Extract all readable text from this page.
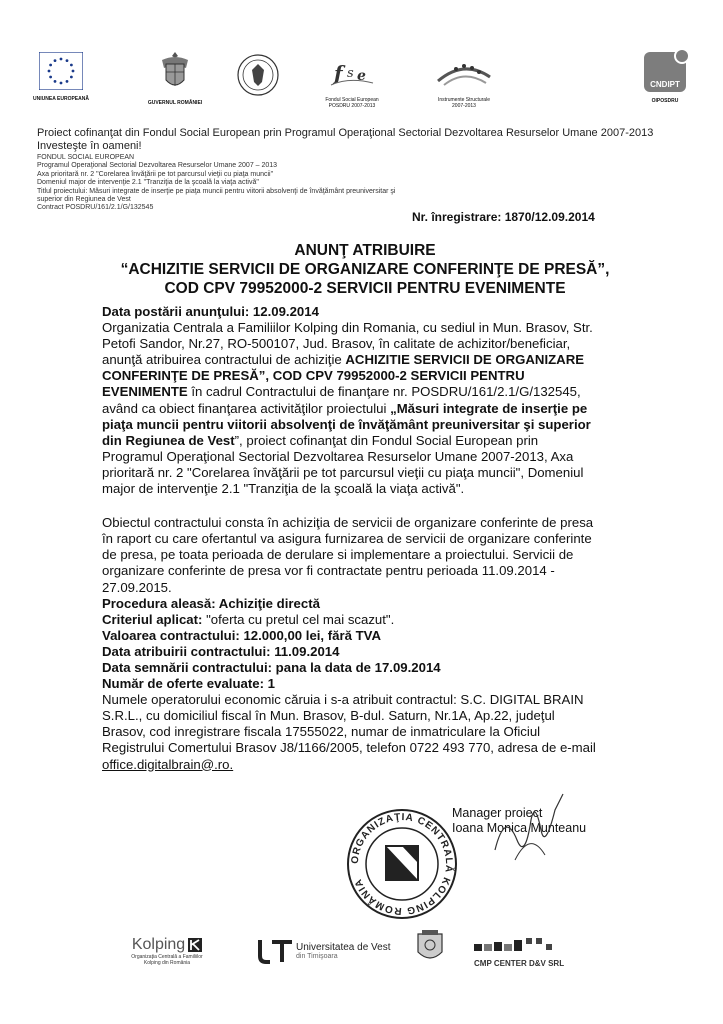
UNIUNEA EUROPEANĂ
GUVERNUL ROMÂNIEI
f s e
Fondul Social European
POSDRU 2007-2013
Instrumente Structurale
2007-2013
CNDIPT
OIPOSDRU
Proiect cofinanţat din Fondul Social European prin Programul Operaţional Sectorial Dezvoltarea Resurselor Umane 2007-2013
Investeşte în oameni!
FONDUL SOCIAL EUROPEAN
Programul Operaţional Sectorial Dezvoltarea Resurselor Umane 2007 – 2013
Axa prioritară nr. 2 "Corelarea învăţării pe tot parcursul vieţii cu piaţa muncii"
Domeniul major de intervenţie 2.1 "Tranziţia de la şcoală la viaţa activă"
Titlul proiectului: Măsuri integrate de inserţie pe piaţa muncii pentru viitorii absolvenţi de învăţământ preuniversitar şi
superior din Regiunea de Vest
Contract POSDRU/161/2.1/G/132545
Nr. înregistrare: 1870/12.09.2014
ANUNŢ ATRIBUIRE
“ACHIZITIE SERVICII DE ORGANIZARE CONFERINŢE DE PRESĂ”,
COD CPV 79952000-2 SERVICII PENTRU EVENIMENTE

Data postării anunţului: 12.09.2014

Organizatia Centrala a Familiilor Kolping din Romania, cu sediul in Mun. Brasov, Str.

Petofi Sandor, Nr.27, RO-500107, Jud. Brasov, în calitate de achizitor/beneficiar,

anunţă atribuirea contractului de achiziţie ACHIZITIE SERVICII DE ORGANIZARE

CONFERINŢE DE PRESĂ”, COD CPV 79952000-2 SERVICII PENTRU

EVENIMENTE în cadrul Contractului de finanţare nr. POSDRU/161/2.1/G/132545,

având ca obiect finanţarea activităţilor proiectului „Măsuri integrate de inserţie pe

piaţa muncii pentru viitorii absolvenţi de învăţământ preuniversitar şi superior

din Regiunea de Vest”, proiect cofinanţat din Fondul Social European prin

Programul Operaţional Sectorial Dezvoltarea Resurselor Umane 2007-2013, Axa

prioritară nr. 2 "Corelarea învăţării pe tot parcursul vieţii cu piaţa muncii", Domeniul

major de intervenţie 2.1 "Tranziţia de la şcoală la viaţa activă".

Obiectul contractului consta în achiziţia de servicii de organizare conferinte de presa

în raport cu care ofertantul va asigura furnizarea de servicii de organizare conferinte

de presa, pe toata perioada de derulare si implementare a proiectului. Servicii de

organizare conferinte de presa vor fi contractate pentru perioada 11.09.2014 -

27.09.2015.

Procedura aleasă: Achiziţie directă

Criteriul aplicat: "oferta cu pretul cel mai scazut".

Valoarea contractului: 12.000,00 lei, fără TVA

Data atribuirii contractului: 11.09.2014

Data semnării contractului: pana la data de 17.09.2014

Număr de oferte evaluate: 1

Numele operatorului economic căruia i s-a atribuit contractul: S.C. DIGITAL BRAIN

S.R.L., cu domiciliul fiscal în Mun. Brasov, B-dul. Saturn, Nr.1A, Ap.22, judeţul

Brasov, cod inregistrare fiscala 17555022, numar de inmatriculare la Oficiul

Registrului Comertului Brasov J8/1166/2005, telefon 0722 493 770, adresa de e-mail

office.digitalbrain@.ro.

Manager proiect
Ioana Monica Munteanu
ORGANIZAŢIA CENTRALĂ KOLPING ROMÂNIA
Kolping
Organizaţia Centrală a Familiilor
Kolping din România
Universitatea de Vest
din Timişoara
CMP CENTER D&V SRL
